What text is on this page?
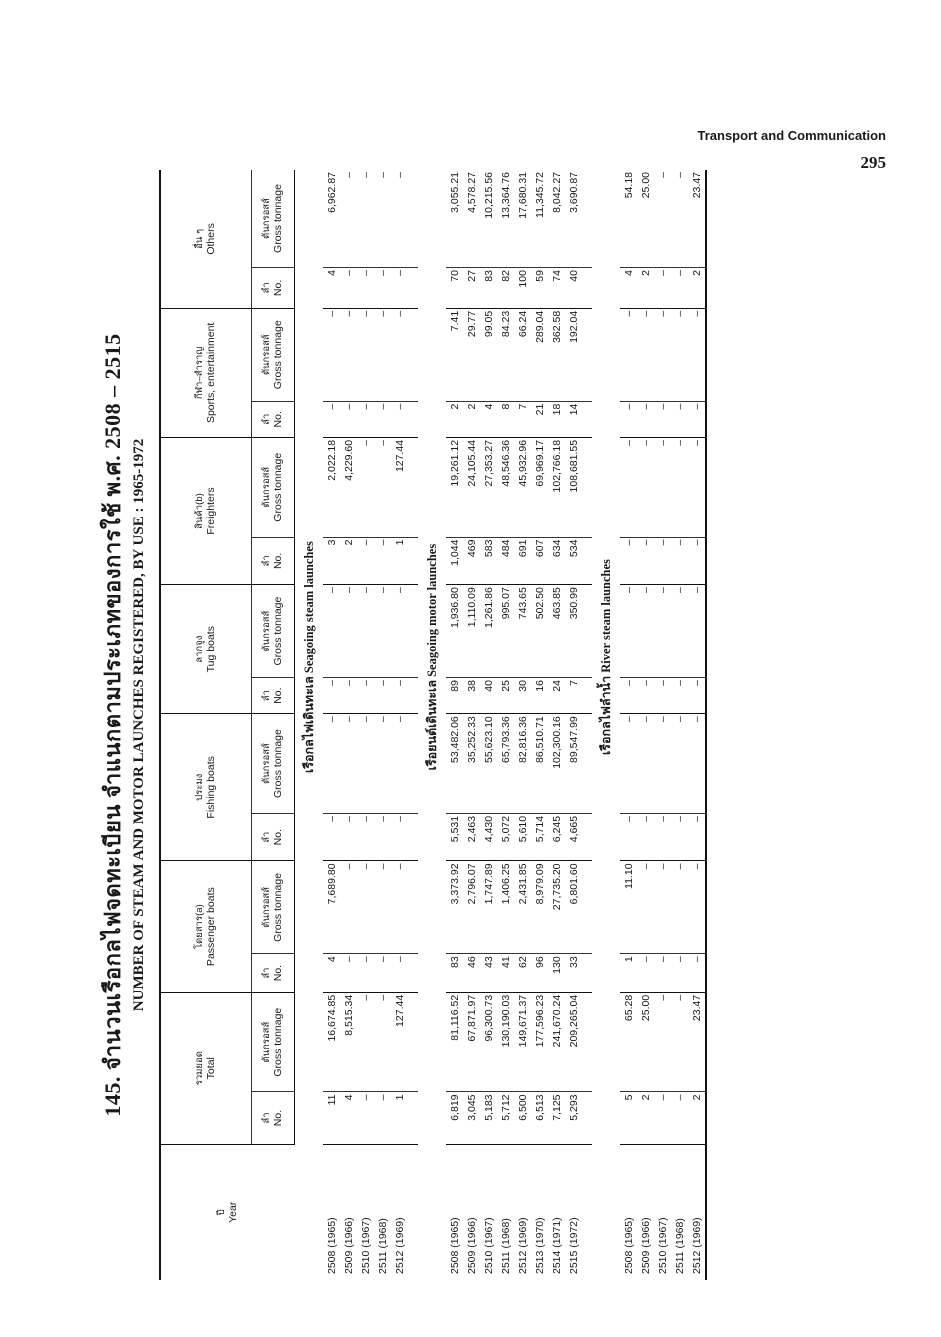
Transport and Communication
295
145. จำนวนเรือกลไฟจดทะเบียน จำแนกตามประเภทของการใช้ พ.ศ. 2508 – 2515 NUMBER OF STEAM AND MOTOR LAUNCHES REGISTERED, BY USE : 1965-1972
ปี Year	รวมยอด Total		โดยสาร(a) Passenger boats		ประมง Fishing boats		ลากจูง Tug boats		สินค้า(b) Freighters		กีฬา–สำราญ Sports, entertainment		อื่น ๆ Others	

	ลำ No.	ตันกรอสส์ Gross tonnage	ลำ No.	ตันกรอสส์ Gross tonnage	ลำ No.	ตันกรอสส์ Gross tonnage	ลำ No.	ตันกรอสส์ Gross tonnage	ลำ No.	ตันกรอสส์ Gross tonnage	ลำ No.	ตันกรอสส์ Gross tonnage	ลำ No.	ตันกรอสส์ Gross tonnage

	เรือกลไฟเดินทะเล Seagoing steam launches													
2508 (1965)	11	16,674.85	4	7,689.80	–	–	–	–	3	2,022.18	–	–	4	6,962.87
2509 (1966)	4	8,515.34	–	–	–	–	–	–	2	4,229.60	–	–	–	–
2510 (1967)	–	–	–	–	–	–	–	–	–	–	–	–	–	–
2511 (1968)	–	–	–	–	–	–	–	–	–	–	–	–	–	–
2512 (1969)	1	127.44	–	–	–	–	–	–	1	127.44	–	–	–	–

	เรือยนต์เดินทะเล Seagoing motor launches													
2508 (1965)	6,819	81,116.52	83	3,373.92	5,531	53,482.06	89	1,936.80	1,044	19,261.12	2	7.41	70	3,055.21
2509 (1966)	3,045	67,871.97	46	2,796.07	2,463	35,252.33	38	1,110.09	469	24,105.44	2	29.77	27	4,578.27
2510 (1967)	5,183	96,300.73	43	1,747.89	4,430	55,623.10	40	1,261.86	583	27,353.27	4	99.05	83	10,215.56
2511 (1968)	5,712	130,190.03	41	1,406.25	5,072	65,793.36	25	995.07	484	48,546.36	8	84.23	82	13,364.76
2512 (1969)	6,500	149,671.37	62	2,431.85	5,610	82,816.36	30	743.65	691	45,932.96	7	66.24	100	17,680.31
2513 (1970)	6,513	177,596.23	96	8,979.09	5,714	86,510.71	16	502.50	607	69,969.17	21	289.04	59	11,345.72
2514 (1971)	7,125	241,670.24	130	27,735.20	6,245	102,300.16	24	463.85	634	102,766.18	18	362.58	74	8,042.27
2515 (1972)	5,293	209,265.04	33	6,801.60	4,665	89,547.99	7	350.99	534	108,681.55	14	192.04	40	3,690.87

	เรือกลไฟลำน้ำ River steam launches													
2508 (1965)	5	65.28	1	11.10	–	–	–	–	–	–	–	–	4	54.18
2509 (1966)	2	25.00	–	–	–	–	–	–	–	–	–	–	2	25.00
2510 (1967)	–	–	–	–	–	–	–	–	–	–	–	–	–	–
2511 (1968)	–	–	–	–	–	–	–	–	–	–	–	–	–	–
2512 (1969)	2	23.47	–	–	–	–	–	–	–	–	–	–	2	23.47
